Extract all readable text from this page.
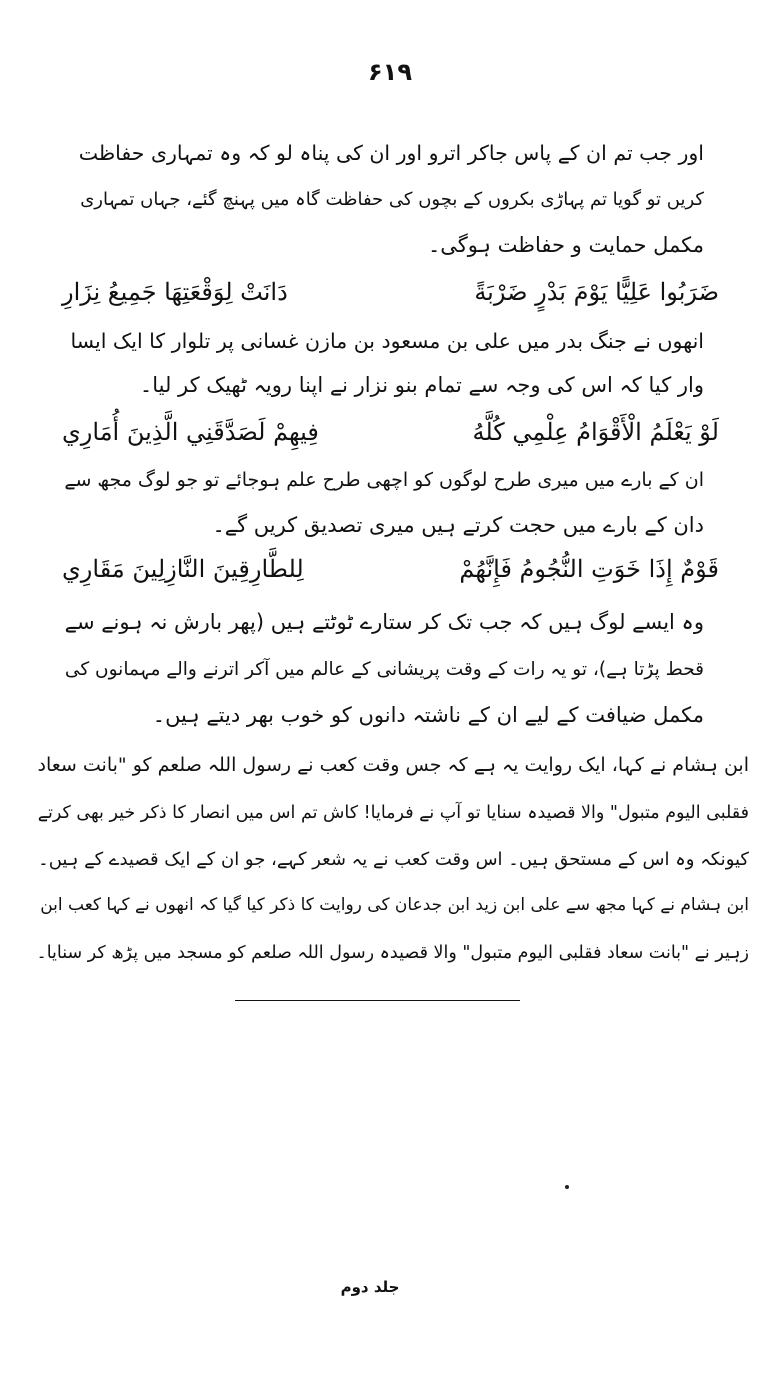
۶۱۹
اور جب تم ان کے پاس جاکر اترو اور ان کی پناہ لو کہ وہ تمہاری حفاظت
کریں تو گویا تم پہاڑی بکروں کے بچوں کی حفاظت گاہ میں پہنچ گئے، جہاں تمہاری
مکمل حمایت و حفاظت ہوگی۔
ضَرَبُوا عَلِيًّا يَوْمَ بَدْرٍ ضَرْبَةً
دَانَتْ لِوَقْعَتِهَا جَمِيعُ نِزَارِ
انھوں نے جنگ بدر میں علی بن مسعود بن مازن غسانی پر تلوار کا ایک ایسا
وار کیا کہ اس کی وجہ سے تمام بنو نزار نے اپنا رویہ ٹھیک کر لیا۔
لَوْ يَعْلَمُ الْأَقْوَامُ عِلْمِي كُلَّهُ
فِيهِمْ لَصَدَّقَنِي الَّذِينَ أُمَارِي
ان کے بارے میں میری طرح لوگوں کو اچھی طرح علم ہوجائے تو جو لوگ مجھ سے
دان کے بارے میں حجت کرتے ہیں میری تصدیق کریں گے۔
قَوْمٌ إِذَا خَوَتِ النُّجُومُ فَإِنَّهُمْ
لِلطَّارِقِينَ النَّازِلِينَ مَقَارِي
وہ ایسے لوگ ہیں کہ جب تک کر ستارے ٹوٹتے ہیں (پھر بارش نہ ہونے سے
قحط پڑتا ہے)، تو یہ رات کے وقت پریشانی کے عالم میں آکر اترنے والے مہمانوں کی
مکمل ضیافت کے لیے ان کے ناشتہ دانوں کو خوب بھر دیتے ہیں۔
ابن ہشام نے کہا، ایک روایت یہ ہے کہ جس وقت کعب نے رسول اللہ صلعم کو "بانت سعاد
فقلبی الیوم متبول" والا قصیدہ سنایا تو آپ نے فرمایا! کاش تم اس میں انصار کا ذکر خیر بھی کرتے
کیونکہ وہ اس کے مستحق ہیں۔ اس وقت کعب نے یہ شعر کہے، جو ان کے ایک قصیدے کے ہیں۔
ابن ہشام نے کہا مجھ سے علی ابن زید ابن جدعان کی روایت کا ذکر کیا گیا کہ انھوں نے کہا کعب ابن
زہیر نے "بانت سعاد فقلبی الیوم متبول" والا قصیدہ رسول اللہ صلعم کو مسجد میں پڑھ کر سنایا۔
جلد دوم
